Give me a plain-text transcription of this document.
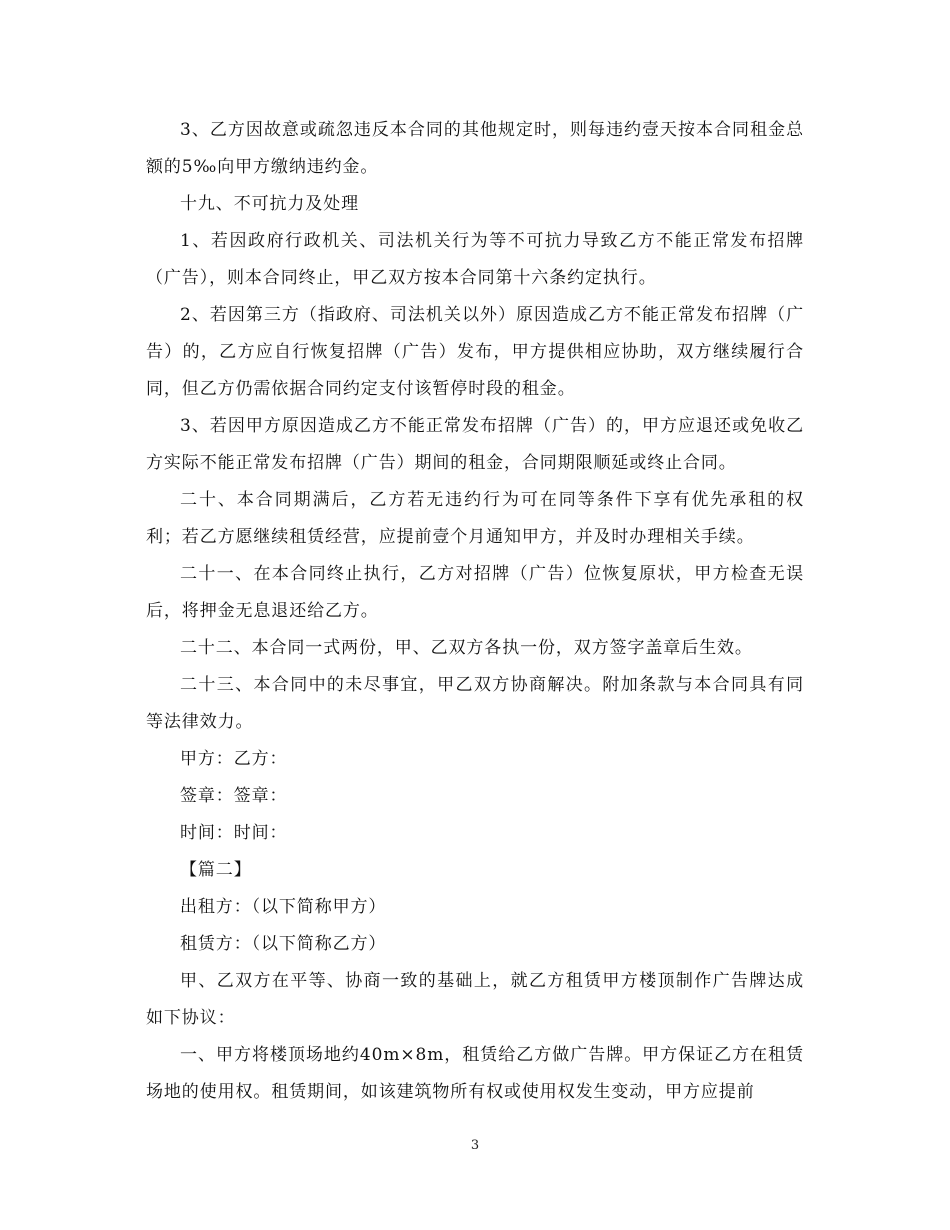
3、乙方因故意或疏忽违反本合同的其他规定时，则每违约壹天按本合同租金总额的5‰向甲方缴纳违约金。

十九、不可抗力及处理

1、若因政府行政机关、司法机关行为等不可抗力导致乙方不能正常发布招牌（广告），则本合同终止，甲乙双方按本合同第十六条约定执行。

2、若因第三方（指政府、司法机关以外）原因造成乙方不能正常发布招牌（广告）的，乙方应自行恢复招牌（广告）发布，甲方提供相应协助，双方继续履行合同，但乙方仍需依据合同约定支付该暂停时段的租金。

3、若因甲方原因造成乙方不能正常发布招牌（广告）的，甲方应退还或免收乙方实际不能正常发布招牌（广告）期间的租金，合同期限顺延或终止合同。

二十、本合同期满后，乙方若无违约行为可在同等条件下享有优先承租的权利；若乙方愿继续租赁经营，应提前壹个月通知甲方，并及时办理相关手续。

二十一、在本合同终止执行，乙方对招牌（广告）位恢复原状，甲方检查无误后，将押金无息退还给乙方。

二十二、本合同一式两份，甲、乙双方各执一份，双方签字盖章后生效。

二十三、本合同中的未尽事宜，甲乙双方协商解决。附加条款与本合同具有同等法律效力。

甲方：乙方：

签章：签章：

时间：时间：

【篇二】

出租方：（以下简称甲方）

租赁方：（以下简称乙方）

甲、乙双方在平等、协商一致的基础上，就乙方租赁甲方楼顶制作广告牌达成如下协议：

一、甲方将楼顶场地约40m×8m，租赁给乙方做广告牌。甲方保证乙方在租赁场地的使用权。租赁期间，如该建筑物所有权或使用权发生变动，甲方应提前

3
